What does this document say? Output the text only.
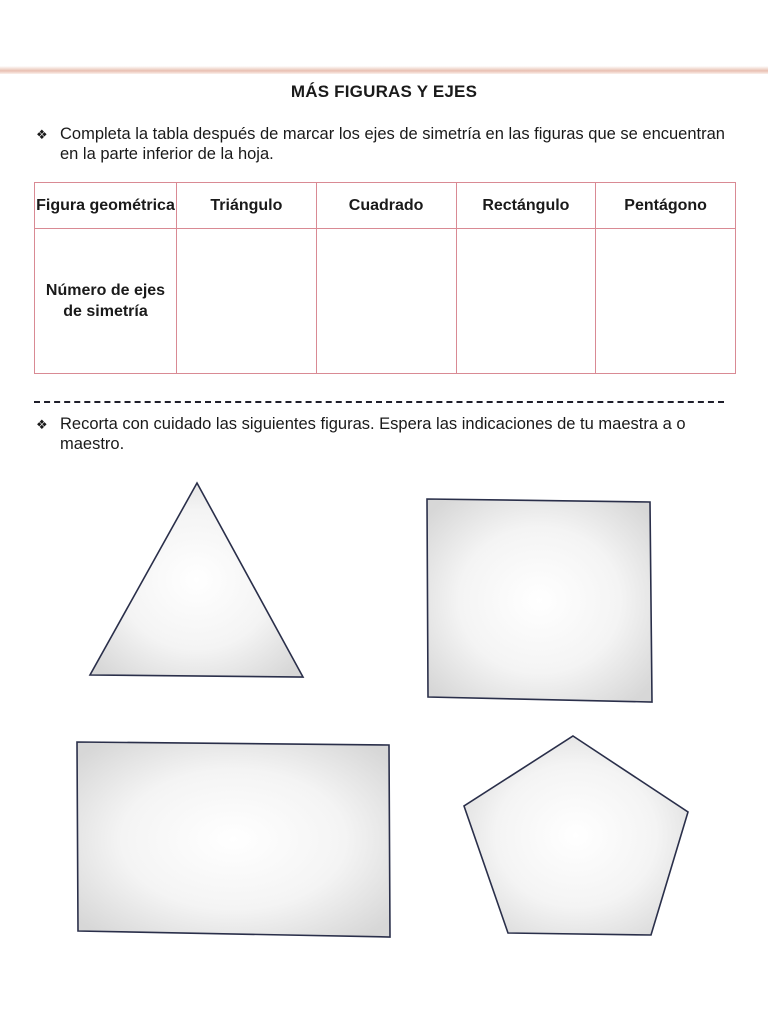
MÁS FIGURAS Y EJES
❖ Completa la tabla después de marcar los ejes de simetría en las figuras que se encuentran en la parte inferior de la hoja.
Figura geométrica	Triángulo	Cuadrado	Rectángulo	Pentágono
Número de ejes de simetría				
❖ Recorta con cuidado las siguientes figuras. Espera las indicaciones de tu maestra a o maestro.
